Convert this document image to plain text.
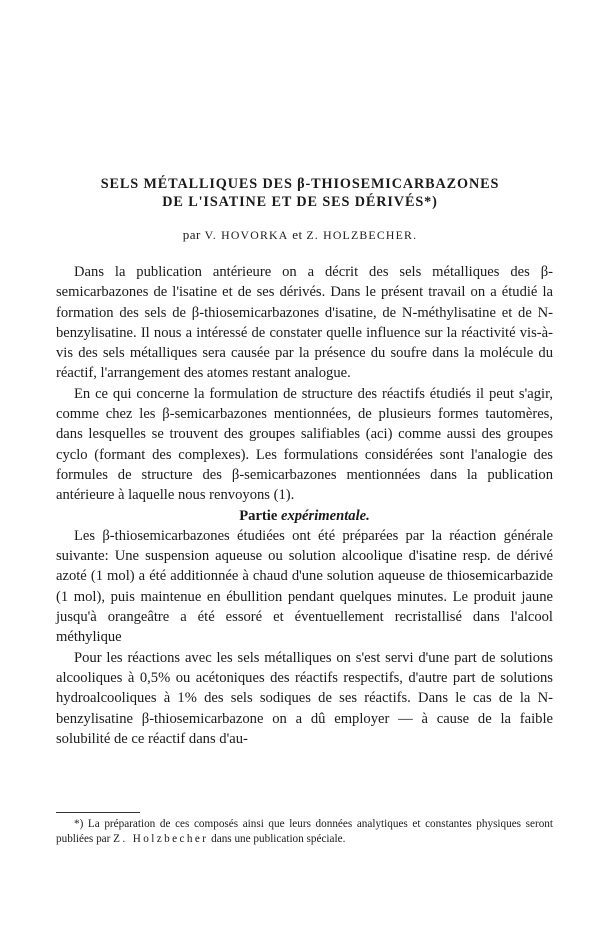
SELS MÉTALLIQUES DES β-THIOSEMICARBAZONES
DE L'ISATINE ET DE SES DÉRIVÉS*)
par V. HOVORKA et Z. HOLZBECHER.

Dans la publication antérieure on a décrit des sels métalliques des β-semicarbazones de l'isatine et de ses dérivés. Dans le présent travail on a étudié la formation des sels de β-thiosemicarbazones d'isatine, de N-méthylisatine et de N-benzylisatine. Il nous a intéressé de constater quelle influence sur la réactivité vis-à-vis des sels métalliques sera causée par la présence du soufre dans la molécule du réactif, l'arrangement des atomes restant analogue.

En ce qui concerne la formulation de structure des réactifs étudiés il peut s'agir, comme chez les β-semicarbazones mentionnées, de plusieurs formes tautomères, dans lesquelles se trouvent des groupes salifiables (aci) comme aussi des groupes cyclo (formant des complexes). Les formulations considérées sont l'analogie des formules de structure des β-semicarbazones mentionnées dans la publication antérieure à laquelle nous renvoyons (1).

Partie expérimentale.

Les β-thiosemicarbazones étudiées ont été préparées par la réaction générale suivante: Une suspension aqueuse ou solution alcoolique d'isatine resp. de dérivé azoté (1 mol) a été additionnée à chaud d'une solution aqueuse de thiosemicarbazide (1 mol), puis maintenue en ébullition pendant quelques minutes. Le produit jaune jusqu'à orangeâtre a été essoré et éventuellement recristallisé dans l'alcool méthylique

Pour les réactions avec les sels métalliques on s'est servi d'une part de solutions alcooliques à 0,5% ou acétoniques des réactifs respectifs, d'autre part de solutions hydroalcooliques à 1% des sels sodiques de ses réactifs. Dans le cas de la N-benzylisatine β-thiosemicarbazone on a dû employer — à cause de la faible solubilité de ce réactif dans d'au-

*) La préparation de ces composés ainsi que leurs données analytiques et constantes physiques seront publiées par Z. Holzbecher dans une publication spéciale.
